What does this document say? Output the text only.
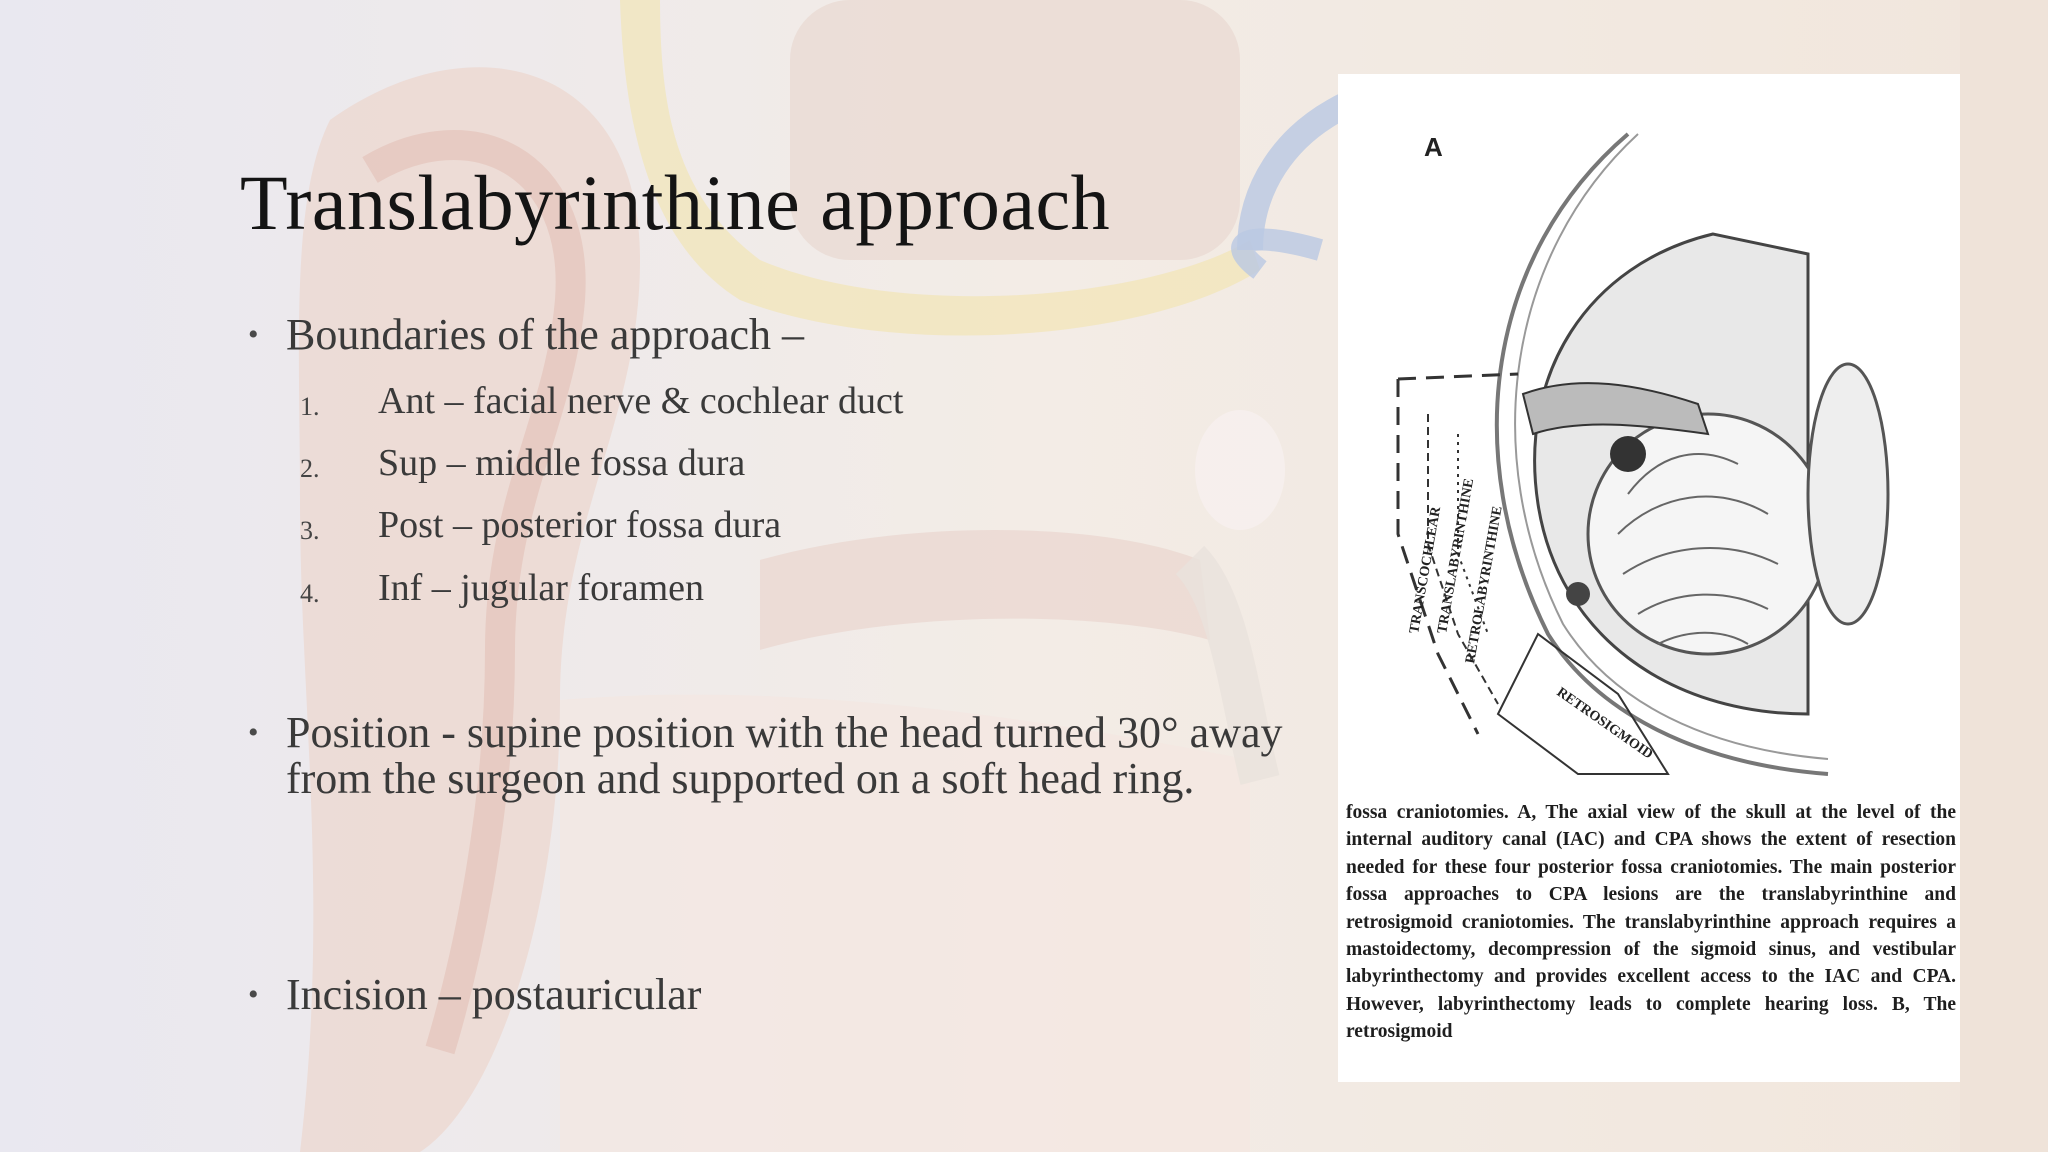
Translabyrinthine approach
• Boundaries of the approach –
1. Ant – facial nerve & cochlear duct
2. Sup – middle fossa dura
3. Post – posterior fossa dura
4. Inf – jugular foramen
• Position - supine position with the head turned 30° away from the surgeon and supported on a soft head ring.
• Incision – postauricular
A
TRANSCOCHLEAR
TRANSLABYRINTHINE
RETROLABYRINTHINE
RETROSIGMOID
fossa craniotomies. A, The axial view of the skull at the level of the internal auditory canal (IAC) and CPA shows the extent of resection needed for these four posterior fossa craniotomies. The main posterior fossa approaches to CPA lesions are the translabyrinthine and retrosigmoid craniotomies. The translabyrinthine approach requires a mastoidectomy, decompression of the sigmoid sinus, and vestibular labyrinthectomy and provides excellent access to the IAC and CPA. However, labyrinthectomy leads to complete hearing loss. B, The retrosigmoid
